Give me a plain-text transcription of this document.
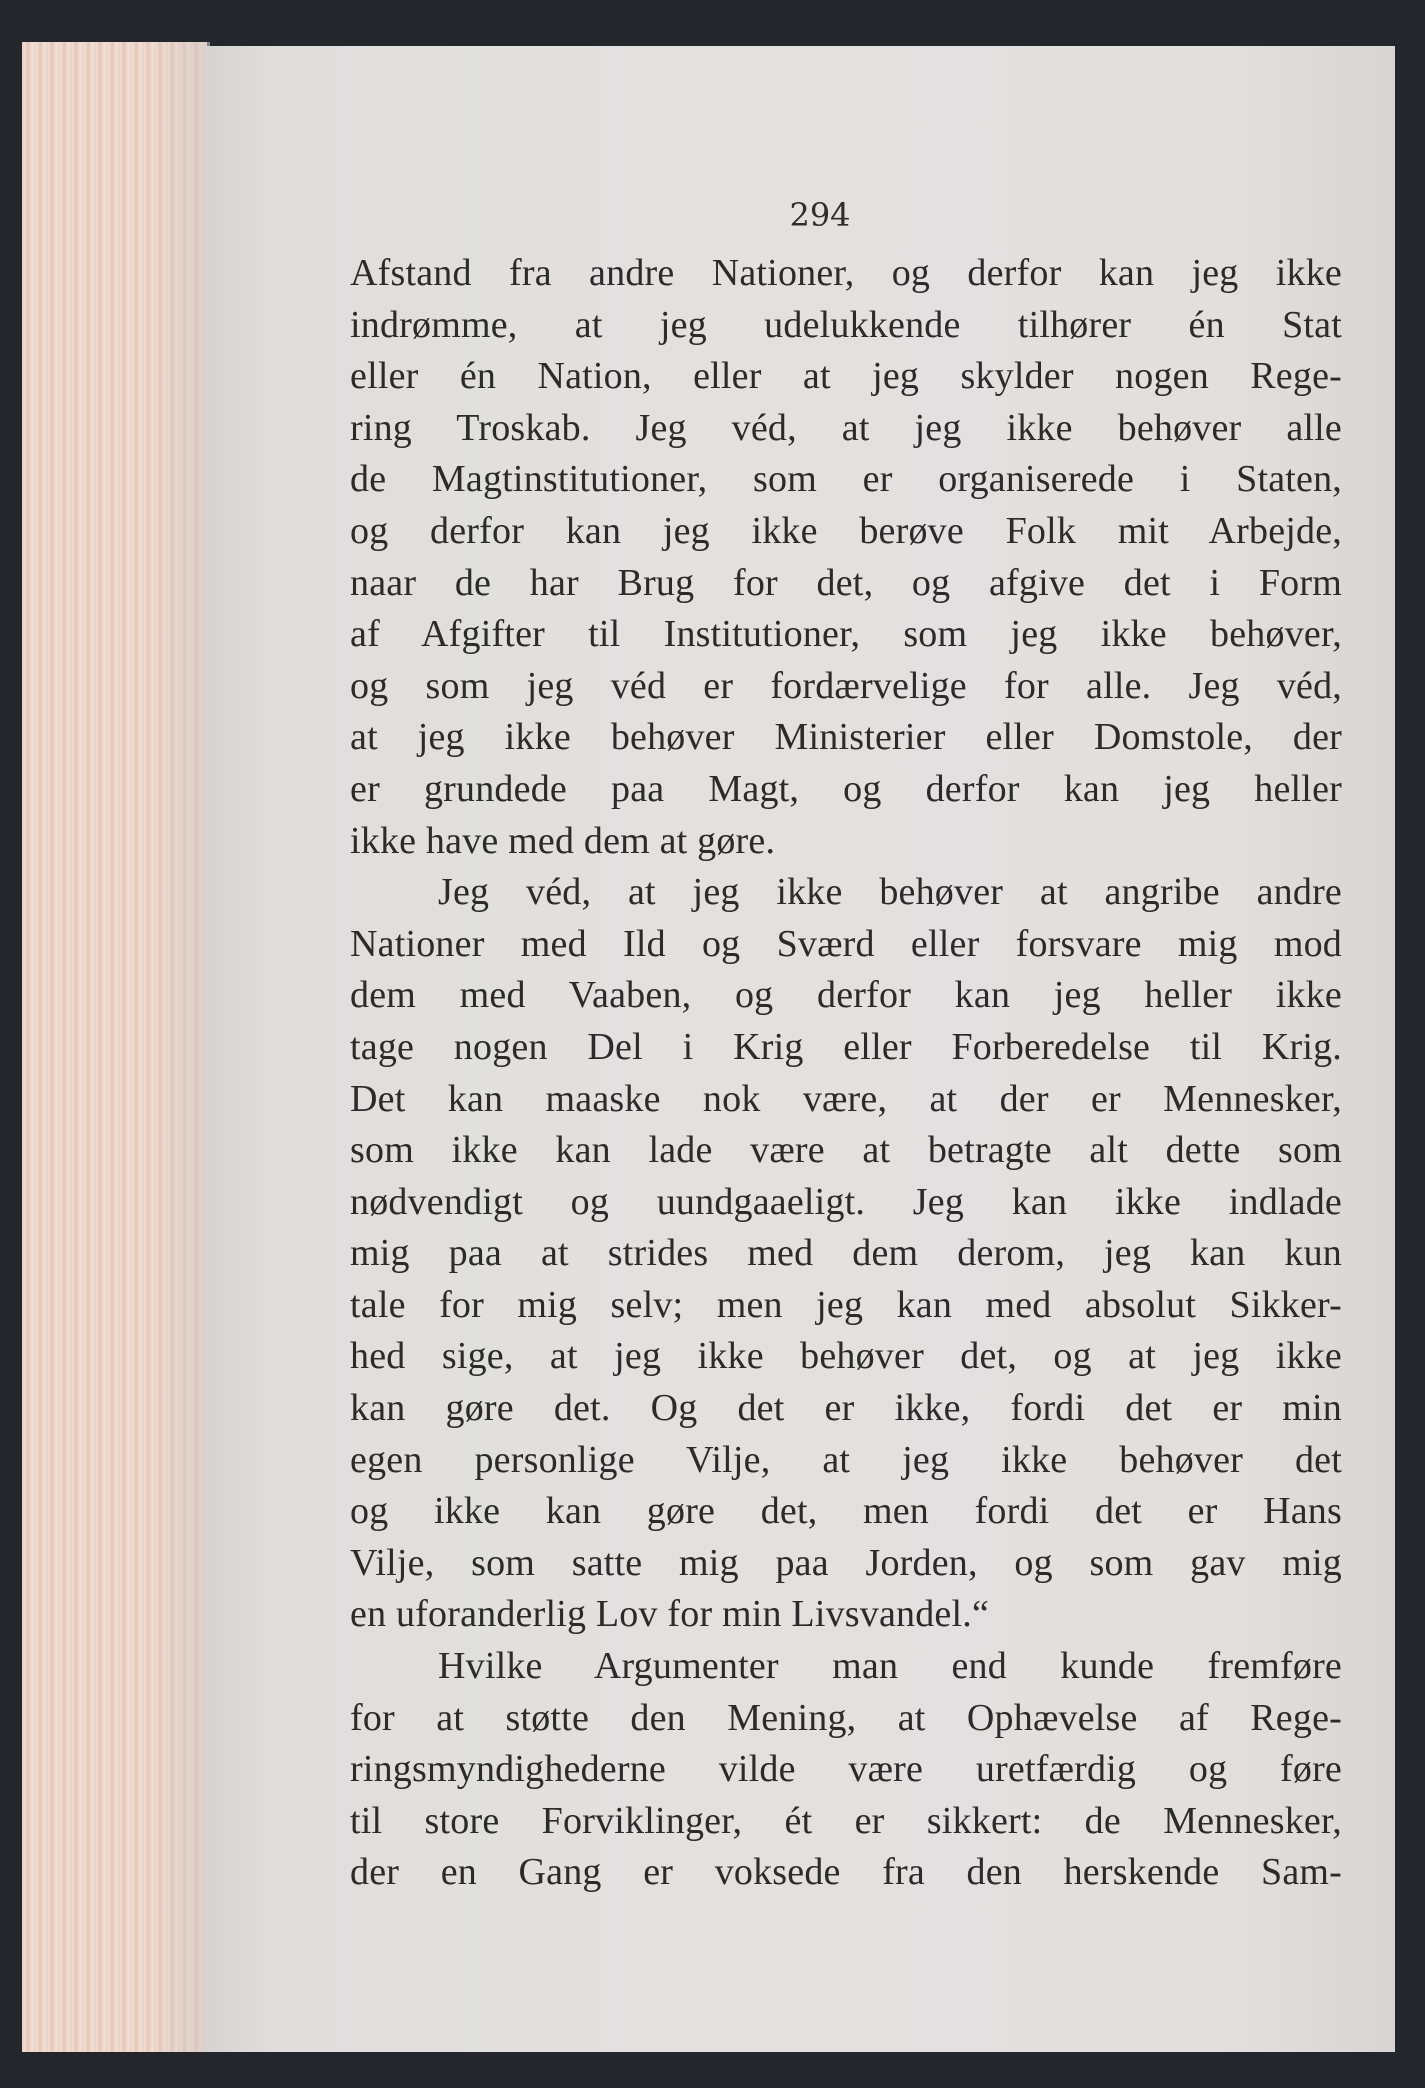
294
Afstand fra andre Nationer, og derfor kan jeg ikke
indrømme, at jeg udelukkende tilhører én Stat
eller én Nation, eller at jeg skylder nogen Rege-
ring Troskab. Jeg véd, at jeg ikke behøver alle
de Magtinstitutioner, som er organiserede i Staten,
og derfor kan jeg ikke berøve Folk mit Arbejde,
naar de har Brug for det, og afgive det i Form
af Afgifter til Institutioner, som jeg ikke behøver,
og som jeg véd er fordærvelige for alle. Jeg véd,
at jeg ikke behøver Ministerier eller Domstole, der
er grundede paa Magt, og derfor kan jeg heller
ikke have med dem at gøre.
Jeg véd, at jeg ikke behøver at angribe andre
Nationer med Ild og Sværd eller forsvare mig mod
dem med Vaaben, og derfor kan jeg heller ikke
tage nogen Del i Krig eller Forberedelse til Krig.
Det kan maaske nok være, at der er Mennesker,
som ikke kan lade være at betragte alt dette som
nødvendigt og uundgaaeligt. Jeg kan ikke indlade
mig paa at strides med dem derom, jeg kan kun
tale for mig selv; men jeg kan med absolut Sikker-
hed sige, at jeg ikke behøver det, og at jeg ikke
kan gøre det. Og det er ikke, fordi det er min
egen personlige Vilje, at jeg ikke behøver det
og ikke kan gøre det, men fordi det er Hans
Vilje, som satte mig paa Jorden, og som gav mig
en uforanderlig Lov for min Livsvandel.“
Hvilke Argumenter man end kunde fremføre
for at støtte den Mening, at Ophævelse af Rege-
ringsmyndighederne vilde være uretfærdig og føre
til store Forviklinger, ét er sikkert: de Mennesker,
der en Gang er voksede fra den herskende Sam-
